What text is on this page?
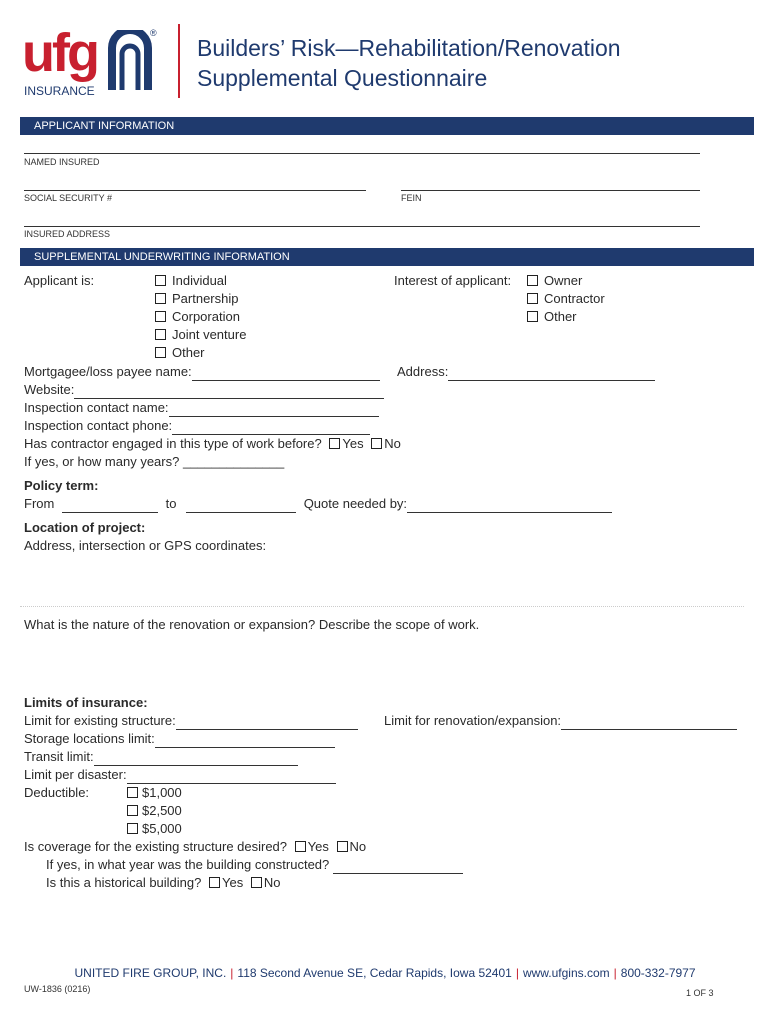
ufg	®
INSURANCE
Builders’ Risk—Rehabilitation/Renovation
Supplemental Questionnaire
APPLICANT INFORMATION
NAMED INSURED
SOCIAL SECURITY #	FEIN
INSURED ADDRESS
SUPPLEMENTAL UNDERWRITING INFORMATION
Applicant is:	Individual
Partnership
Corporation
Joint venture
Other
Interest of applicant:	Owner
Contractor
Other
Mortgagee/loss payee name:	Address:
Website:
Inspection contact name:
Inspection contact phone:
Has contractor engaged in this type of work before? Yes No
If yes, or how many years? ______________
Policy term:
From	to	Quote needed by:
Location of project:
Address, intersection or GPS coordinates:
What is the nature of the renovation or expansion? Describe the scope of work.
Limits of insurance:
Limit for existing structure:	Limit for renovation/expansion:
Storage locations limit:
Transit limit:
Limit per disaster:
Deductible:	$1,000
$2,500
$5,000
Is coverage for the existing structure desired? Yes No
If yes, in what year was the building constructed?
Is this a historical building? Yes No
UNITED FIRE GROUP, INC. | 118 Second Avenue SE, Cedar Rapids, Iowa 52401 | www.ufgins.com | 800-332-7977
UW-1836 (0216)	1 OF 3
